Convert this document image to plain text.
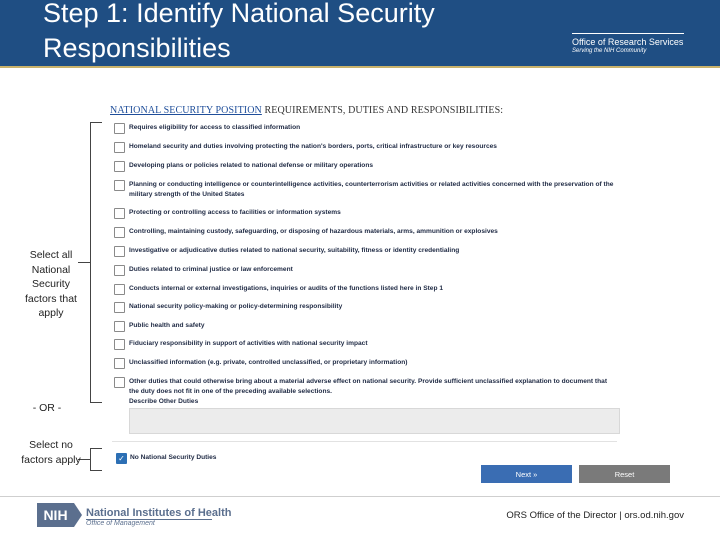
Step 1: Identify National Security Responsibilities	Office of Research Services
Serving the NIH Community
Select all National Security factors that apply
- OR -
Select no factors apply
NATIONAL SECURITY POSITION REQUIREMENTS, DUTIES AND RESPONSIBILITIES:
Requires eligibility for access to classified information
Homeland security and duties involving protecting the nation's borders, ports, critical infrastructure or key resources
Developing plans or policies related to national defense or military operations
Planning or conducting intelligence or counterintelligence activities, counterterrorism activities or related activities concerned with the preservation of the military strength of the United States
Protecting or controlling access to facilities or information systems
Controlling, maintaining custody, safeguarding, or disposing of hazardous materials, arms, ammunition or explosives
Investigative or adjudicative duties related to national security, suitability, fitness or identity credentialing
Duties related to criminal justice or law enforcement
Conducts internal or external investigations, inquiries or audits of the functions listed here in Step 1
National security policy-making or policy-determining responsibility
Public health and safety
Fiduciary responsibility in support of activities with national security impact
Unclassified information (e.g. private, controlled unclassified, or proprietary information)
Other duties that could otherwise bring about a material adverse effect on national security. Provide sufficient unclassified explanation to document that the duty does not fit in one of the preceding available selections.
Describe Other Duties
✓ No National Security Duties
Next »	Reset
NIH	National Institutes of Health
Office of Management
ORS Office of the Director | ors.od.nih.gov
